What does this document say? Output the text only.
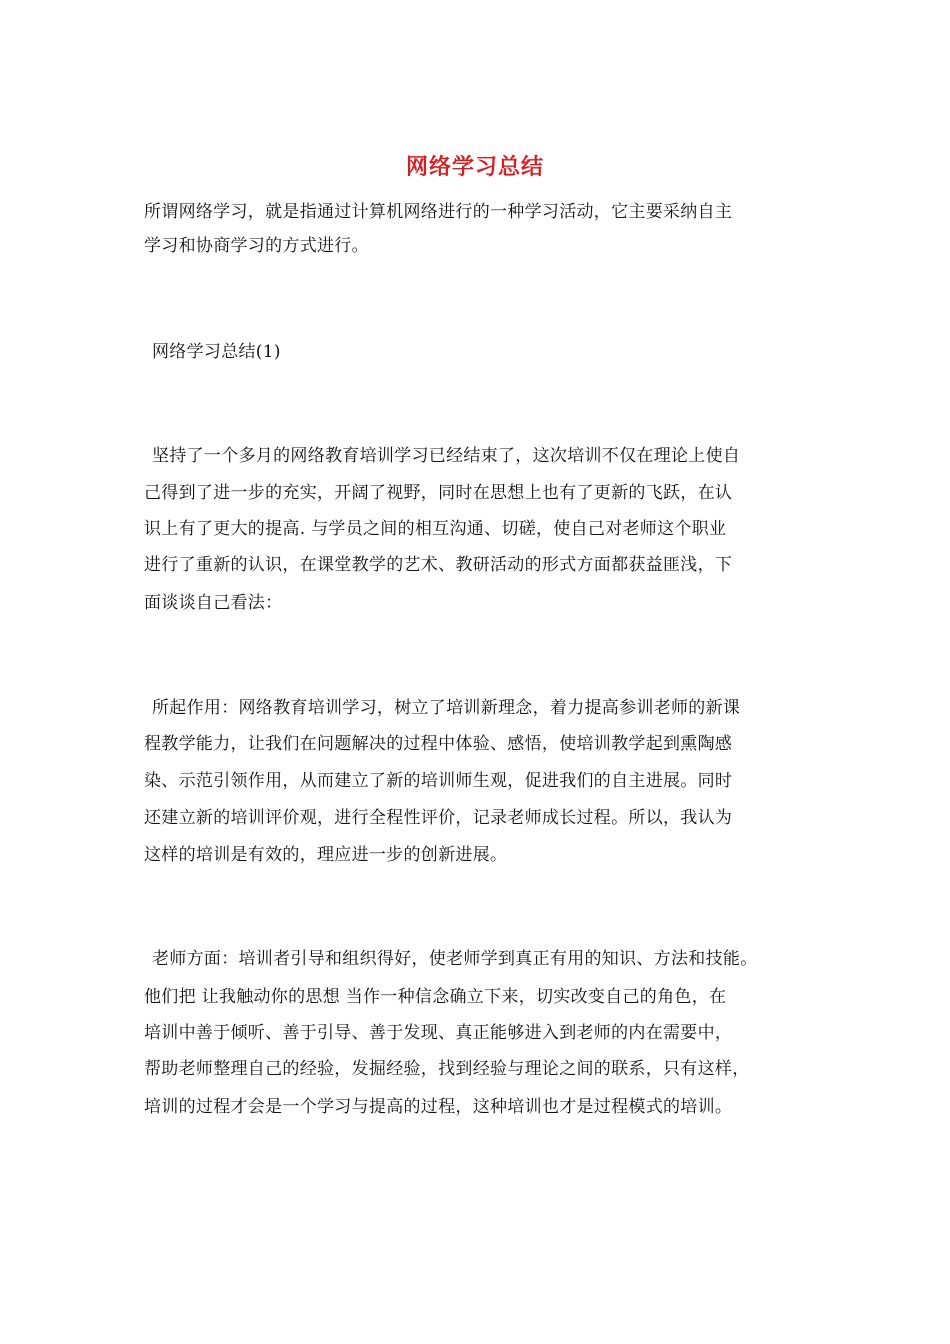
网络学习总结
所谓网络学习，就是指通过计算机网络进行的一种学习活动，它主要采纳自主
学习和协商学习的方式进行。
网络学习总结(1)
坚持了一个多月的网络教育培训学习已经结束了，这次培训不仅在理论上使自
己得到了进一步的充实，开阔了视野，同时在思想上也有了更新的飞跃，在认
识上有了更大的提高. 与学员之间的相互沟通、切磋，使自己对老师这个职业
进行了重新的认识，在课堂教学的艺术、教研活动的形式方面都获益匪浅，下
面谈谈自己看法：
所起作用：网络教育培训学习，树立了培训新理念，着力提高参训老师的新课
程教学能力，让我们在问题解决的过程中体验、感悟，使培训教学起到熏陶感
染、示范引领作用，从而建立了新的培训师生观，促进我们的自主进展。同时
还建立新的培训评价观，进行全程性评价，记录老师成长过程。所以，我认为
这样的培训是有效的，理应进一步的创新进展。
老师方面：培训者引导和组织得好，使老师学到真正有用的知识、方法和技能。
他们把 让我触动你的思想 当作一种信念确立下来，切实改变自己的角色，在
培训中善于倾听、善于引导、善于发现、真正能够进入到老师的内在需要中，
帮助老师整理自己的经验，发掘经验，找到经验与理论之间的联系，只有这样，
培训的过程才会是一个学习与提高的过程，这种培训也才是过程模式的培训。
